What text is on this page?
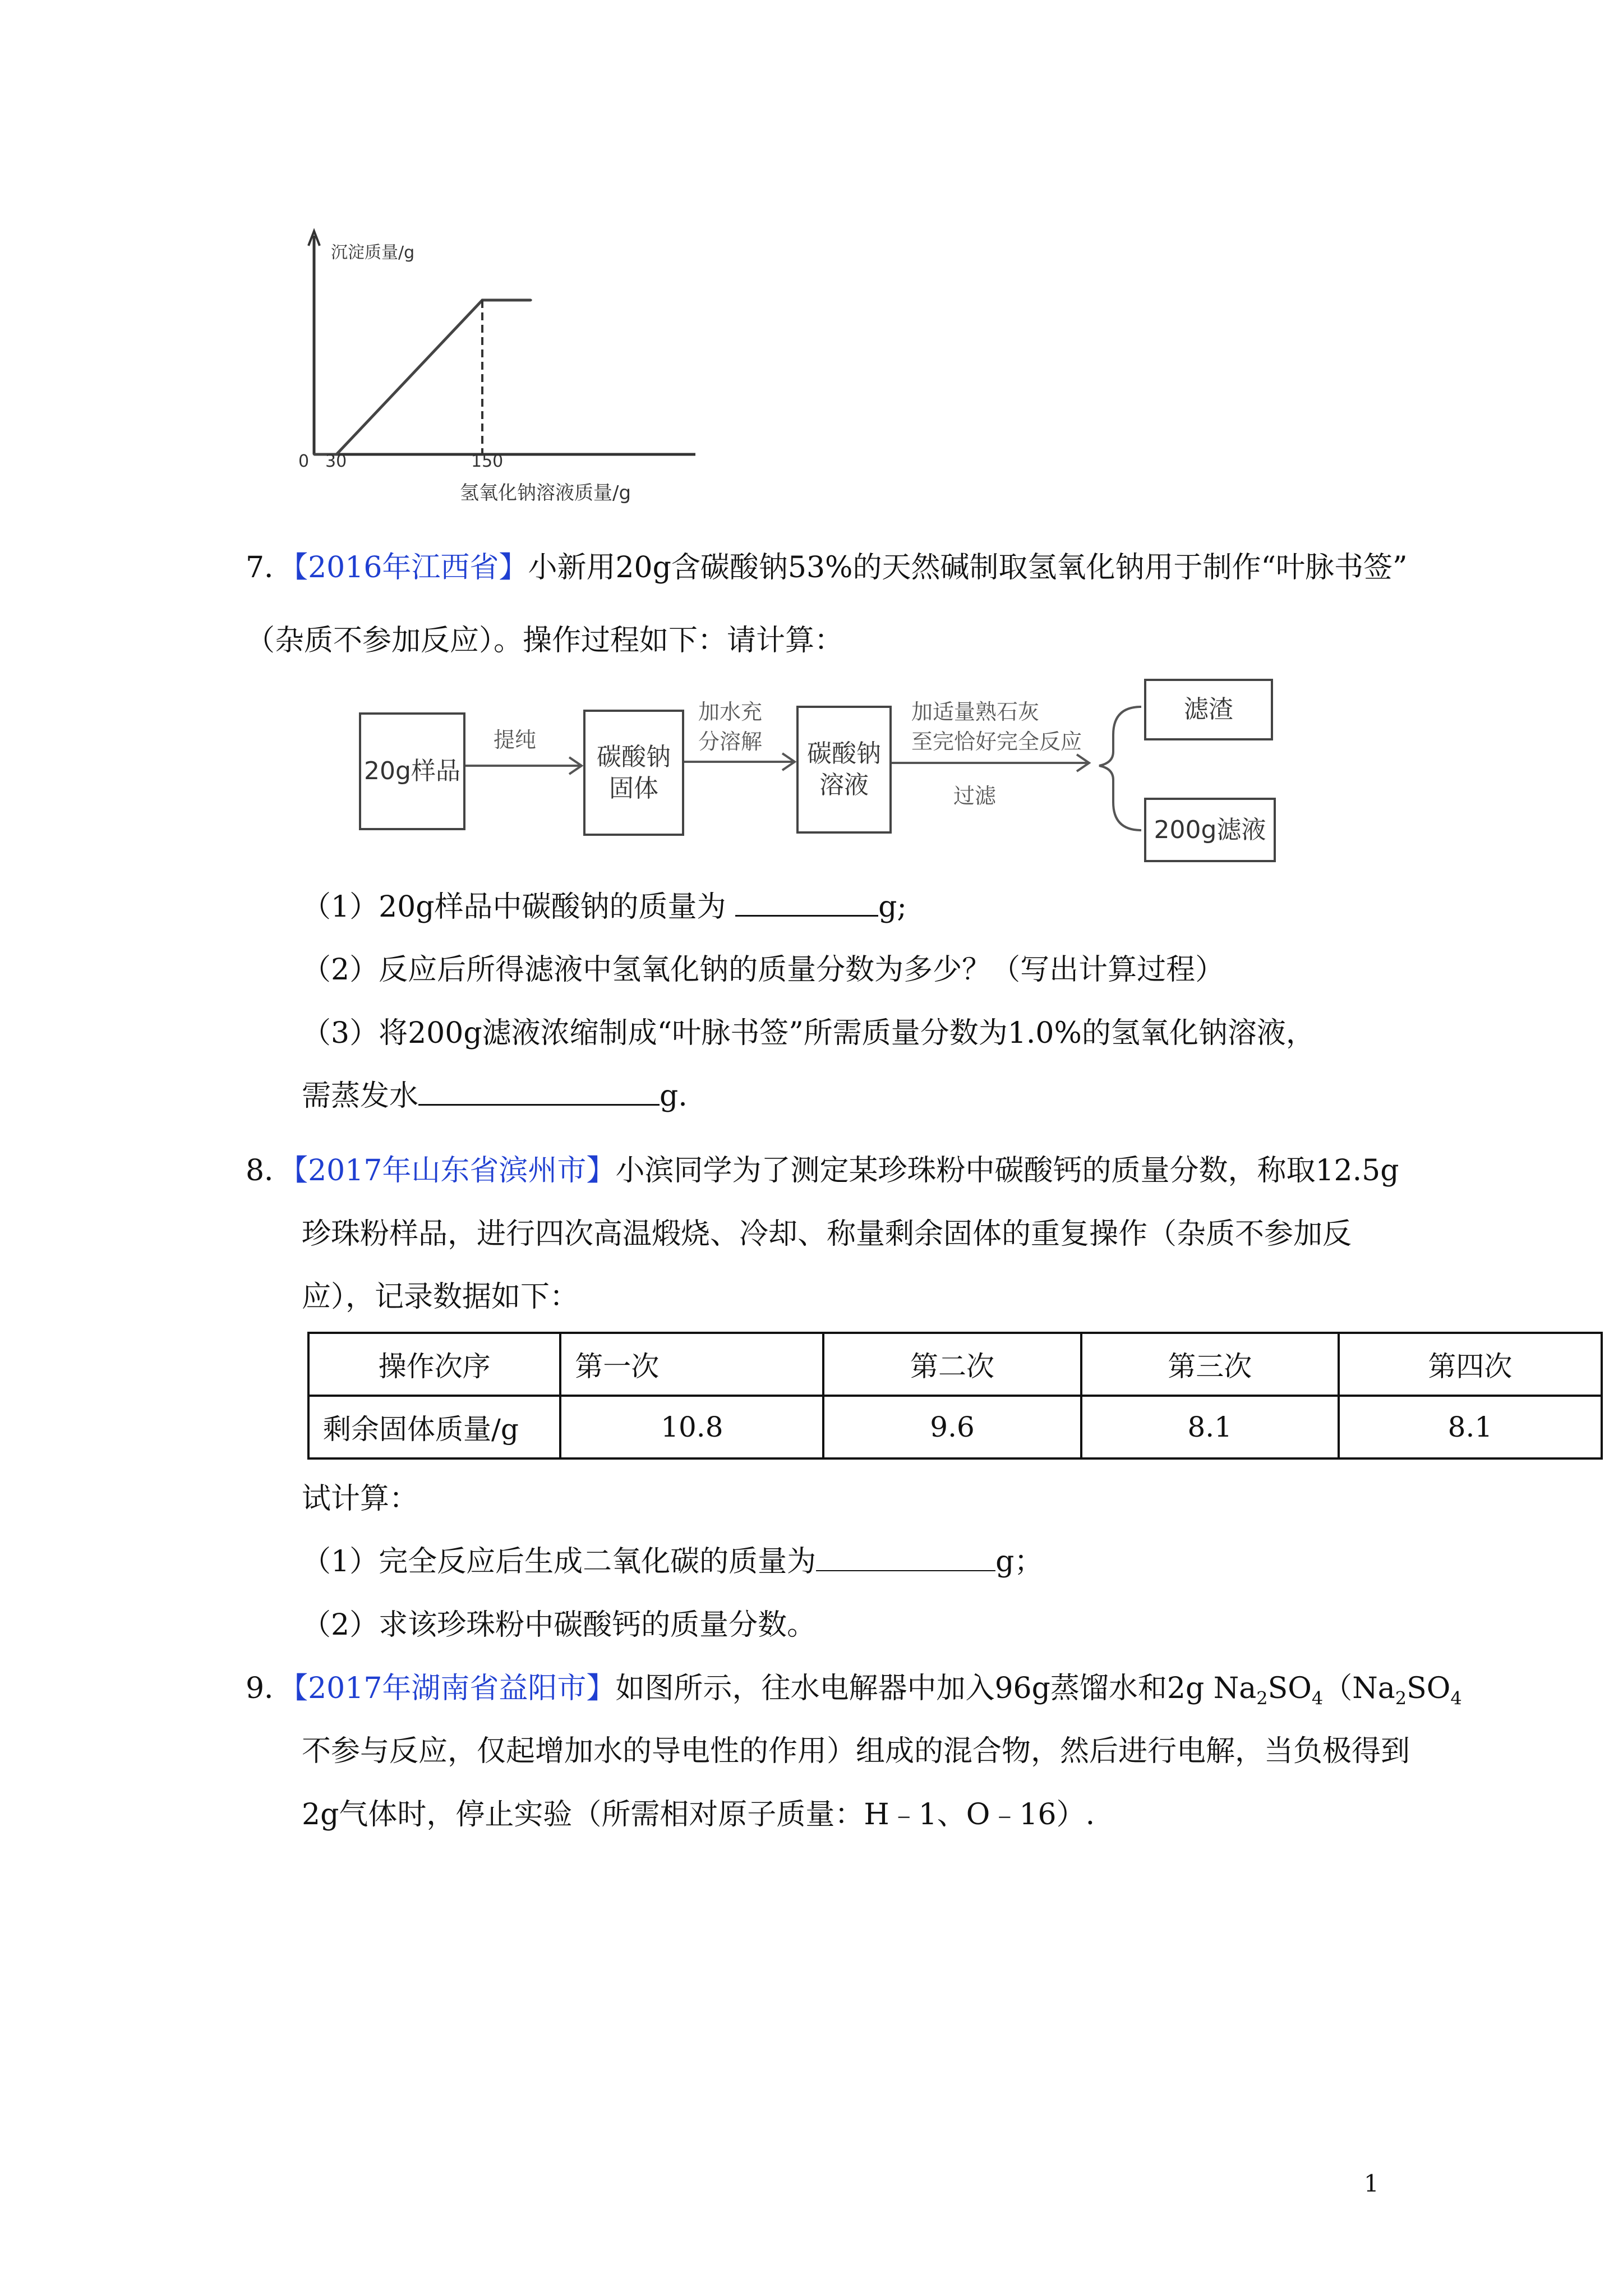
沉淀质量/g
0 30	150
氢氧化钠溶液质量/g
7．【2016年江西省】小新用20g含碳酸钠53%的天然碱制取氢氧化钠用于制作“叶脉书签”
（杂质不参加反应）。操作过程如下：请计算：
20g样品
提纯
碳酸钠
固体
加水充
分溶解 碳酸钠
溶液
加适量熟石灰
至完恰好完全反应
过滤
滤渣
200g滤液
（1）20g样品中碳酸钠的质量为	g;
（2）反应后所得滤液中氢氧化钠的质量分数为多少？（写出计算过程）
（3）将200g滤液浓缩制成“叶脉书签”所需质量分数为1.0%的氢氧化钠溶液，
需蒸发水	g.
8．【2017年山东省滨州市】小滨同学为了测定某珍珠粉中碳酸钙的质量分数，称取12.5g
珍珠粉样品，进行四次高温煅烧、冷却、称量剩余固体的重复操作（杂质不参加反
应），记录数据如下：
操作次序	第一次	第二次	第三次	第四次
剩余固体质量/g	10.8	9.6	8.1	8.1
试计算：
（1）完全反应后生成二氧化碳的质量为	g；
（2）求该珍珠粉中碳酸钙的质量分数。
9．【2017年湖南省益阳市】如图所示，往水电解器中加入96g蒸馏水和2g $Na_2SO_4(Na_2SO_4$
不参与反应，仅起增加水的导电性的作用）组成的混合物，然后进行电解，当负极得到
2g气体时，停止实验（所需相对原子质量：H﹣1、O﹣16）.
1
